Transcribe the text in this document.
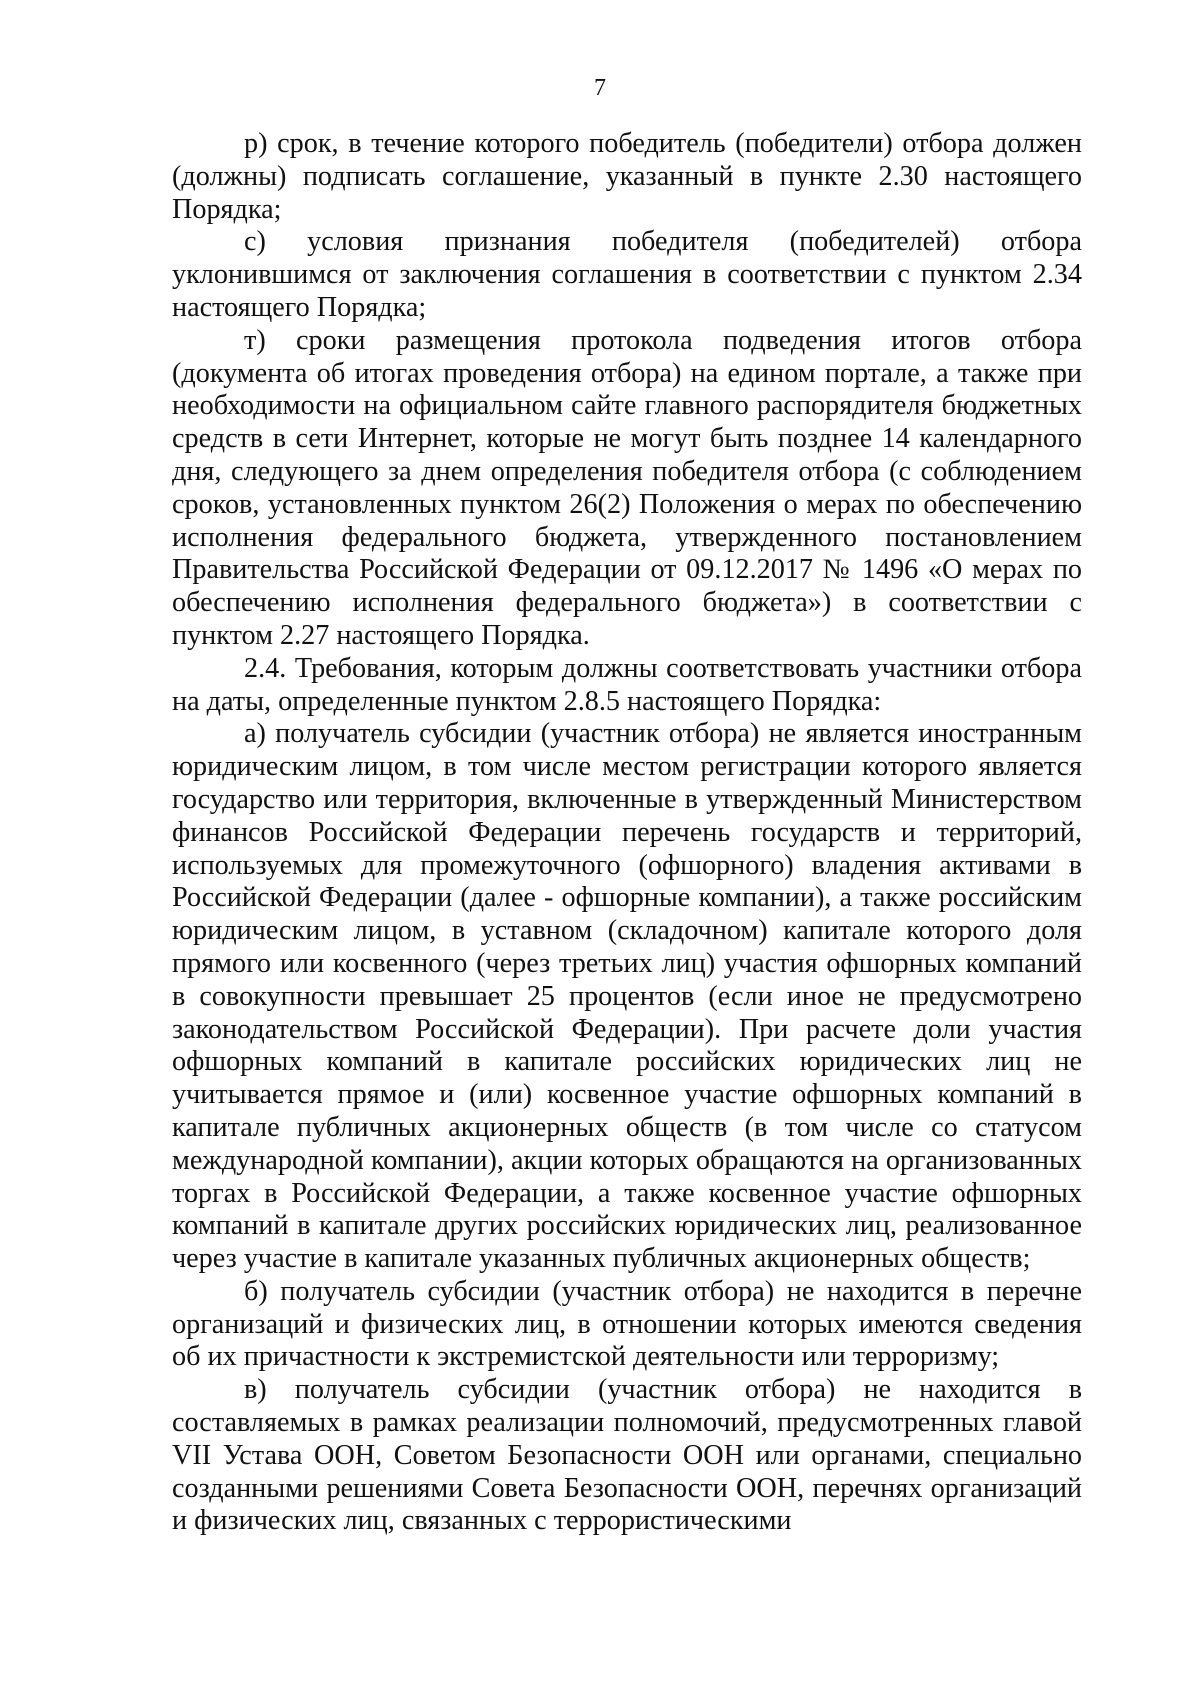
7

р) срок, в течение которого победитель (победители) отбора должен (должны) подписать соглашение, указанный в пункте 2.30 настоящего Порядка;

с) условия признания победителя (победителей) отбора уклонившимся от заключения соглашения в соответствии с пунктом 2.34 настоящего Порядка;

т) сроки размещения протокола подведения итогов отбора (документа об итогах проведения отбора) на едином портале, а также при необходимости на официальном сайте главного распорядителя бюджетных средств в сети Интернет, которые не могут быть позднее 14 календарного дня, следующего за днем определения победителя отбора (с соблюдением сроков, установленных пунктом 26(2) Положения о мерах по обеспечению исполнения федерального бюджета, утвержденного постановлением Правительства Российской Федерации от 09.12.2017 № 1496 «О мерах по обеспечению исполнения федерального бюджета») в соответствии с пунктом 2.27 настоящего Порядка.

2.4. Требования, которым должны соответствовать участники отбора на даты, определенные пунктом 2.8.5 настоящего Порядка:

а) получатель субсидии (участник отбора) не является иностранным юридическим лицом, в том числе местом регистрации которого является государство или территория, включенные в утвержденный Министерством финансов Российской Федерации перечень государств и территорий, используемых для промежуточного (офшорного) владения активами в Российской Федерации (далее - офшорные компании), а также российским юридическим лицом, в уставном (складочном) капитале которого доля прямого или косвенного (через третьих лиц) участия офшорных компаний в совокупности превышает 25 процентов (если иное не предусмотрено законодательством Российской Федерации). При расчете доли участия офшорных компаний в капитале российских юридических лиц не учитывается прямое и (или) косвенное участие офшорных компаний в капитале публичных акционерных обществ (в том числе со статусом международной компании), акции которых обращаются на организованных торгах в Российской Федерации, а также косвенное участие офшорных компаний в капитале других российских юридических лиц, реализованное через участие в капитале указанных публичных акционерных обществ;

б) получатель субсидии (участник отбора) не находится в перечне организаций и физических лиц, в отношении которых имеются сведения об их причастности к экстремистской деятельности или терроризму;

в) получатель субсидии (участник отбора) не находится в составляемых в рамках реализации полномочий, предусмотренных главой VII Устава ООН, Советом Безопасности ООН или органами, специально созданными решениями Совета Безопасности ООН, перечнях организаций и физических лиц, связанных с террористическими
